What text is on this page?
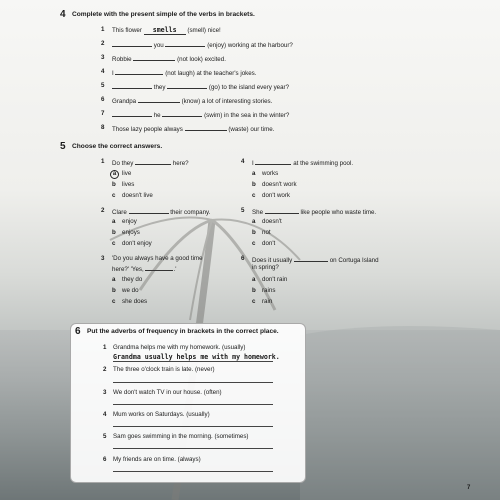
4 Complete with the present simple of the verbs in brackets.
1 This flower smells (smell) nice!
2	you	(enjoy) working at the harbour?
3 Robbie	(not look) excited.
4 I	(not laugh) at the teacher's jokes.
5	they	(go) to the island every year?
6 Grandpa	(know) a lot of interesting stories.
7	he	(swim) in the sea in the winter?
8 Those lazy people always	(waste) our time.
5 Choose the correct answers.
1 Do they	here?
a live
b lives
c doesn't live
2 Clare	their company.
a enjoy
b enjoys
c don't enjoy
3 'Do you always have a good time
here?' 'Yes,	.'
a they do
b we do
c she does
4 I	at the swimming pool.
a works
b doesn't work
c don't work
5 She	like people who waste time.
a doesn't
b not
c don't
6 Does it usually	on Cortuga Island
in spring?
a don't rain
b rains
c rain
6 Put the adverbs of frequency in brackets in the correct place.
1 Grandma helps me with my homework. (usually)
Grandma usually helps me with my homework.
2 The three o'clock train is late. (never)
3 We don't watch TV in our house. (often)
4 Mum works on Saturdays. (usually)
5 Sam goes swimming in the morning. (sometimes)
6 My friends are on time. (always)
7
